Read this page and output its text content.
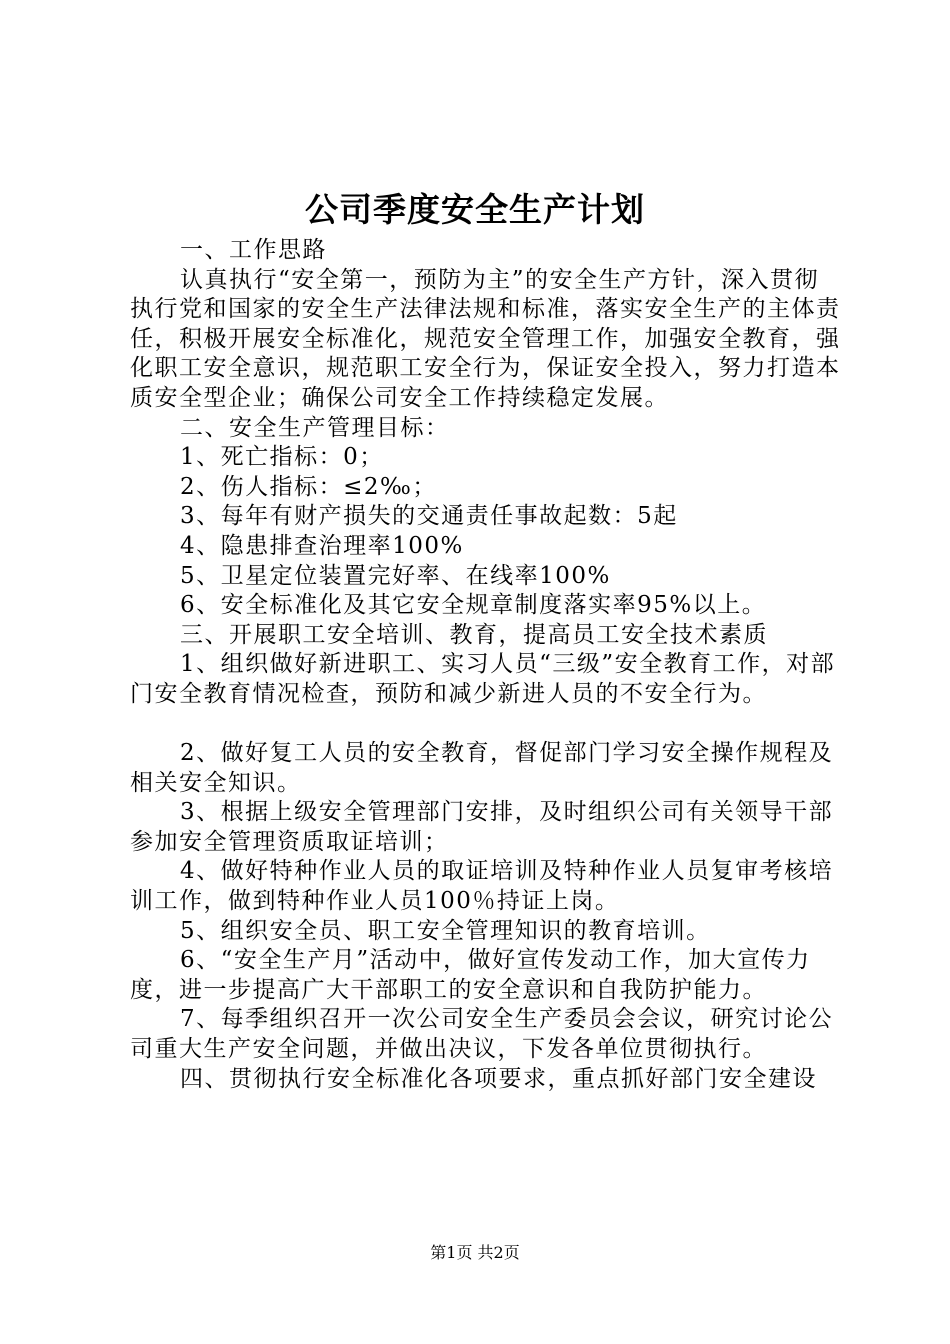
公司季度安全生产计划

一、工作思路

认真执行“安全第一，预防为主”的安全生产方针，深入贯彻执行党和国家的安全生产法律法规和标准，落实安全生产的主体责任，积极开展安全标准化，规范安全管理工作，加强安全教育，强化职工安全意识，规范职工安全行为，保证安全投入，努力打造本质安全型企业；确保公司安全工作持续稳定发展。

二、安全生产管理目标：

1、死亡指标：0；

2、伤人指标：≤2‰；

3、每年有财产损失的交通责任事故起数：5起

4、隐患排查治理率100%

5、卫星定位装置完好率、在线率100%

6、安全标准化及其它安全规章制度落实率95%以上。

三、开展职工安全培训、教育，提高员工安全技术素质

1、组织做好新进职工、实习人员“三级”安全教育工作，对部门安全教育情况检查，预防和减少新进人员的不安全行为。

2、做好复工人员的安全教育，督促部门学习安全操作规程及相关安全知识。

3、根据上级安全管理部门安排，及时组织公司有关领导干部参加安全管理资质取证培训；

4、做好特种作业人员的取证培训及特种作业人员复审考核培训工作，做到特种作业人员100％持证上岗。

5、组织安全员、职工安全管理知识的教育培训。

6、“安全生产月”活动中，做好宣传发动工作，加大宣传力度，进一步提高广大干部职工的安全意识和自我防护能力。

7、每季组织召开一次公司安全生产委员会会议，研究讨论公司重大生产安全问题，并做出决议，下发各单位贯彻执行。

四、贯彻执行安全标准化各项要求，重点抓好部门安全建设

第1页 共2页
